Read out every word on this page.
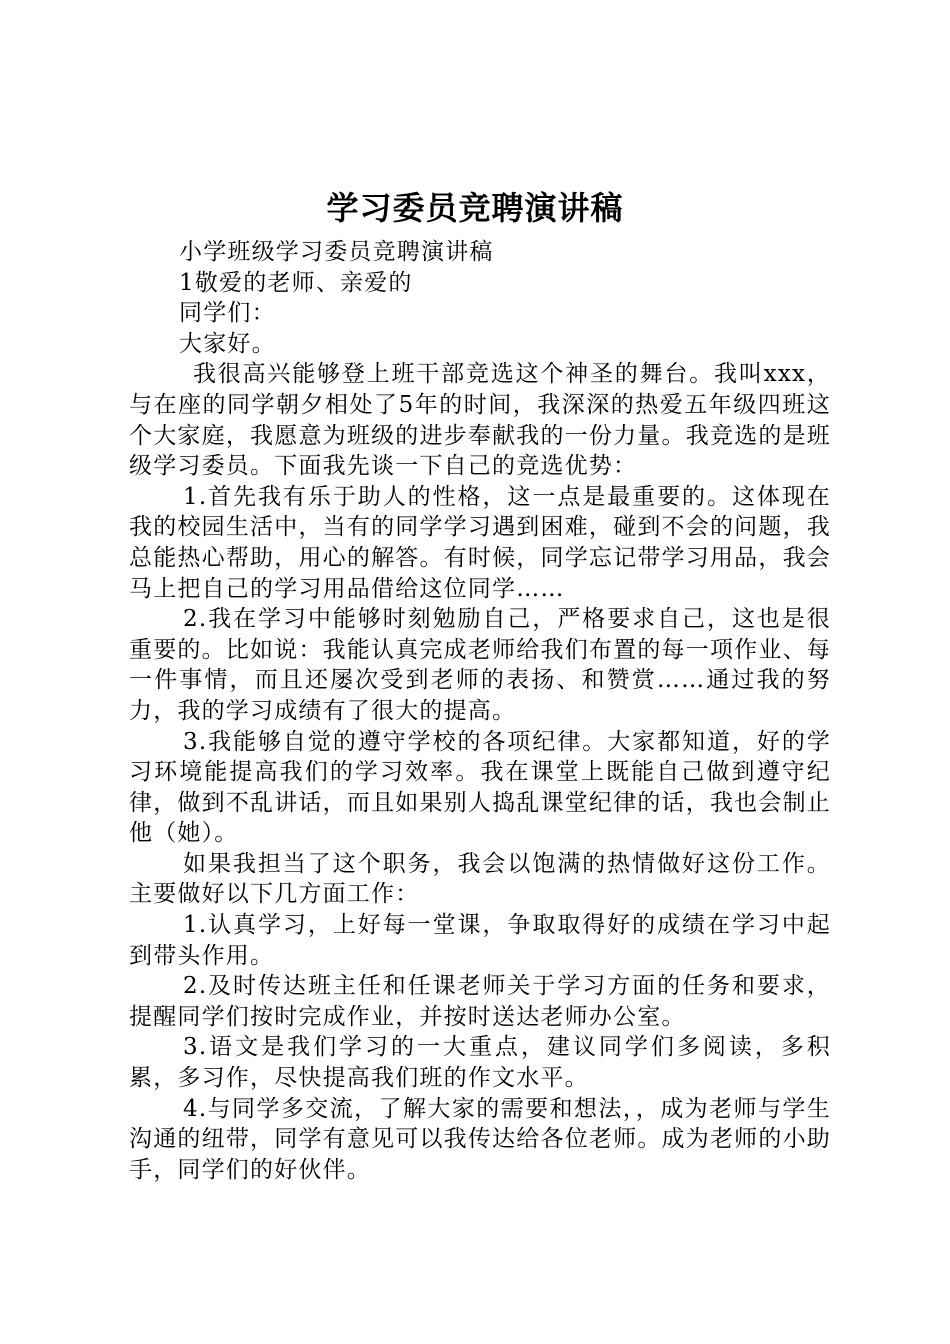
学习委员竞聘演讲稿

小学班级学习委员竞聘演讲稿

1敬爱的老师、亲爱的

同学们：

大家好。

我很高兴能够登上班干部竞选这个神圣的舞台。我叫xxx，与在座的同学朝夕相处了5年的时间，我深深的热爱五年级四班这个大家庭，我愿意为班级的进步奉献我的一份力量。我竞选的是班级学习委员。下面我先谈一下自己的竞选优势：

1.首先我有乐于助人的性格，这一点是最重要的。这体现在我的校园生活中，当有的同学学习遇到困难，碰到不会的问题，我总能热心帮助，用心的解答。有时候，同学忘记带学习用品，我会马上把自己的学习用品借给这位同学……

2.我在学习中能够时刻勉励自己，严格要求自己，这也是很重要的。比如说：我能认真完成老师给我们布置的每一项作业、每一件事情，而且还屡次受到老师的表扬、和赞赏……通过我的努力，我的学习成绩有了很大的提高。

3.我能够自觉的遵守学校的各项纪律。大家都知道，好的学习环境能提高我们的学习效率。我在课堂上既能自己做到遵守纪律，做到不乱讲话，而且如果别人捣乱课堂纪律的话，我也会制止他（她）。

如果我担当了这个职务，我会以饱满的热情做好这份工作。主要做好以下几方面工作：

1.认真学习，上好每一堂课，争取取得好的成绩在学习中起到带头作用。

2.及时传达班主任和任课老师关于学习方面的任务和要求，提醒同学们按时完成作业，并按时送达老师办公室。

3.语文是我们学习的一大重点，建议同学们多阅读，多积累，多习作，尽快提高我们班的作文水平。

4.与同学多交流，了解大家的需要和想法，，成为老师与学生沟通的纽带，同学有意见可以我传达给各位老师。成为老师的小助手，同学们的好伙伴。
